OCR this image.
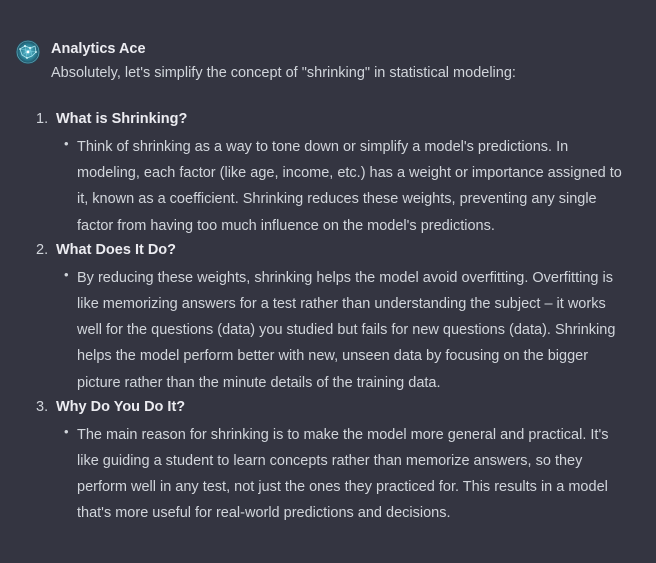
Analytics Ace
Absolutely, let's simplify the concept of "shrinking" in statistical modeling:
1. What is Shrinking?
• Think of shrinking as a way to tone down or simplify a model's predictions. In modeling, each factor (like age, income, etc.) has a weight or importance assigned to it, known as a coefficient. Shrinking reduces these weights, preventing any single factor from having too much influence on the model's predictions.
2. What Does It Do?
• By reducing these weights, shrinking helps the model avoid overfitting. Overfitting is like memorizing answers for a test rather than understanding the subject – it works well for the questions (data) you studied but fails for new questions (data). Shrinking helps the model perform better with new, unseen data by focusing on the bigger picture rather than the minute details of the training data.
3. Why Do You Do It?
• The main reason for shrinking is to make the model more general and practical. It's like guiding a student to learn concepts rather than memorize answers, so they perform well in any test, not just the ones they practiced for. This results in a model that's more useful for real-world predictions and decisions.
